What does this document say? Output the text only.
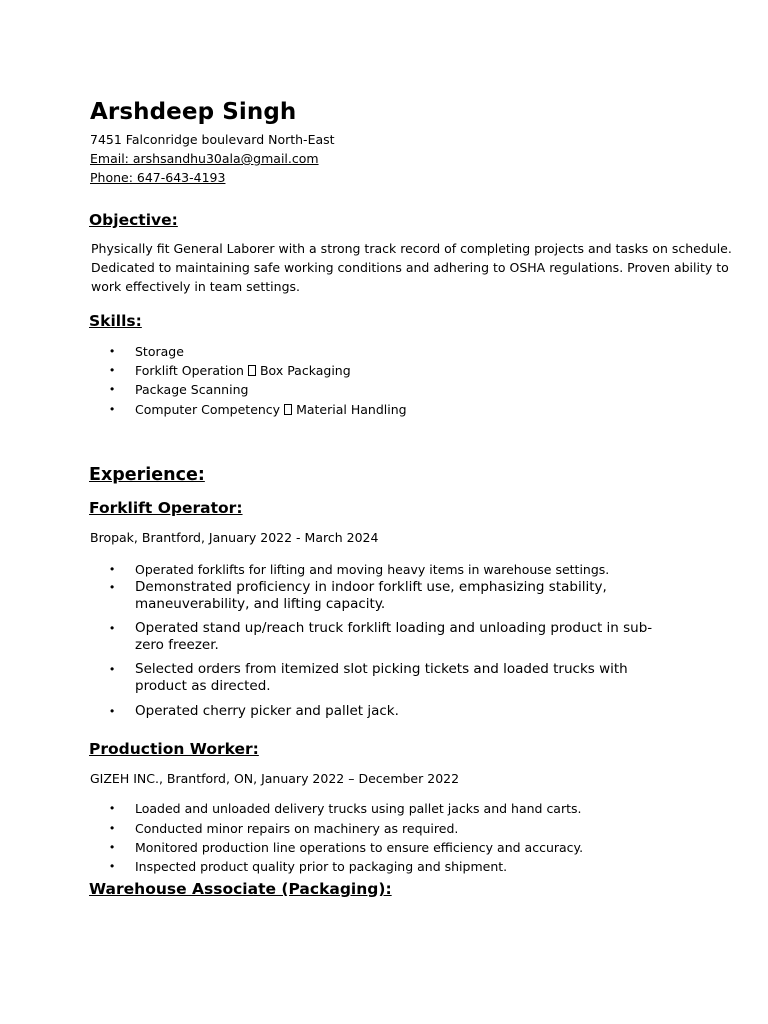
Arshdeep Singh
7451 Falconridge boulevard North-East
Email: arshsandhu30ala@gmail.com
Phone: 647-643-4193
Objective:
Physically fit General Laborer with a strong track record of completing projects and tasks on schedule.
Dedicated to maintaining safe working conditions and adhering to OSHA regulations. Proven ability to
work effectively in team settings.
Skills:
• Storage
• Forklift Operation Box Packaging
• Package Scanning
• Computer Competency Material Handling
Experience:
Forklift Operator:
Bropak, Brantford, January 2022 - March 2024
• Operated forklifts for lifting and moving heavy items in warehouse settings.
• Demonstrated proficiency in indoor forklift use, emphasizing stability, maneuverability, and lifting capacity.
• Operated stand up/reach truck forklift loading and unloading product in sub-zero freezer.
• Selected orders from itemized slot picking tickets and loaded trucks with product as directed.
• Operated cherry picker and pallet jack.
Production Worker:
GIZEH INC., Brantford, ON, January 2022 – December 2022
• Loaded and unloaded delivery trucks using pallet jacks and hand carts.
• Conducted minor repairs on machinery as required.
• Monitored production line operations to ensure efficiency and accuracy.
• Inspected product quality prior to packaging and shipment.
Warehouse Associate (Packaging):
